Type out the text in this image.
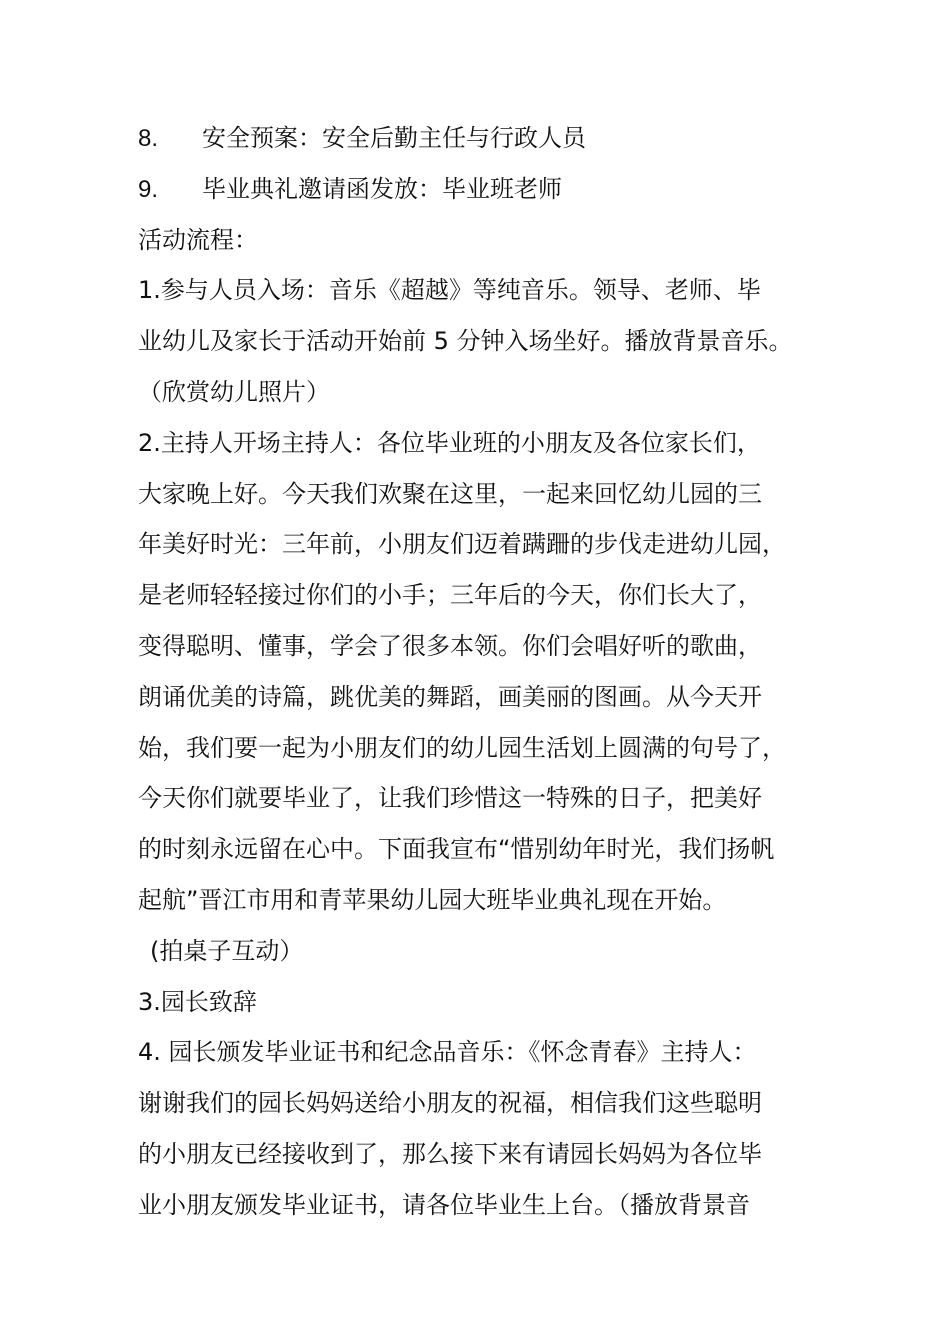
8. 安全预案：安全后勤主任与行政人员
9. 毕业典礼邀请函发放：毕业班老师
活动流程：
1.参与人员入场：音乐《超越》等纯音乐。领导、老师、毕
业幼儿及家长于活动开始前 5 分钟入场坐好。播放背景音乐。
（欣赏幼儿照片）
2.主持人开场主持人：各位毕业班的小朋友及各位家长们，
大家晚上好。今天我们欢聚在这里，一起来回忆幼儿园的三
年美好时光：三年前，小朋友们迈着蹒跚的步伐走进幼儿园，
是老师轻轻接过你们的小手；三年后的今天，你们长大了，
变得聪明、懂事，学会了很多本领。你们会唱好听的歌曲，
朗诵优美的诗篇，跳优美的舞蹈，画美丽的图画。从今天开
始，我们要一起为小朋友们的幼儿园生活划上圆满的句号了，
今天你们就要毕业了，让我们珍惜这一特殊的日子，把美好
的时刻永远留在心中。下面我宣布“惜别幼年时光，我们扬帆
起航”晋江市用和青苹果幼儿园大班毕业典礼现在开始。
(拍桌子互动）
3.园长致辞
4. 园长颁发毕业证书和纪念品音乐：《怀念青春》主持人：
谢谢我们的园长妈妈送给小朋友的祝福，相信我们这些聪明
的小朋友已经接收到了，那么接下来有请园长妈妈为各位毕
业小朋友颁发毕业证书，请各位毕业生上台。（播放背景音
